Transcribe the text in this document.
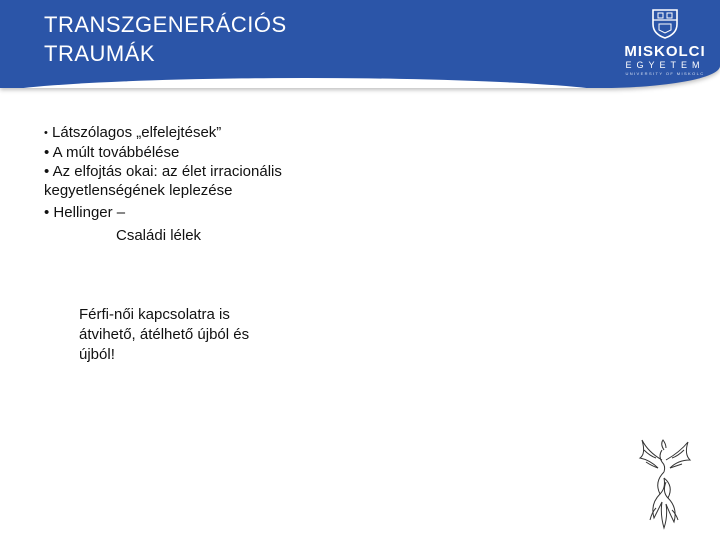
TRANSZGENERÁCIÓS
TRAUMÁK	MISKOLCI
EGYETEM
UNIVERSITY OF MISKOLC

• Látszólagos „elfelejtések”

• A múlt továbbélése

• Az elfojtás okai: az élet irracionális kegyetlenségének leplezése

• Hellinger –

Családi lélek

Férfi-női kapcsolatra is átvihető, átélhető újból és újból!
